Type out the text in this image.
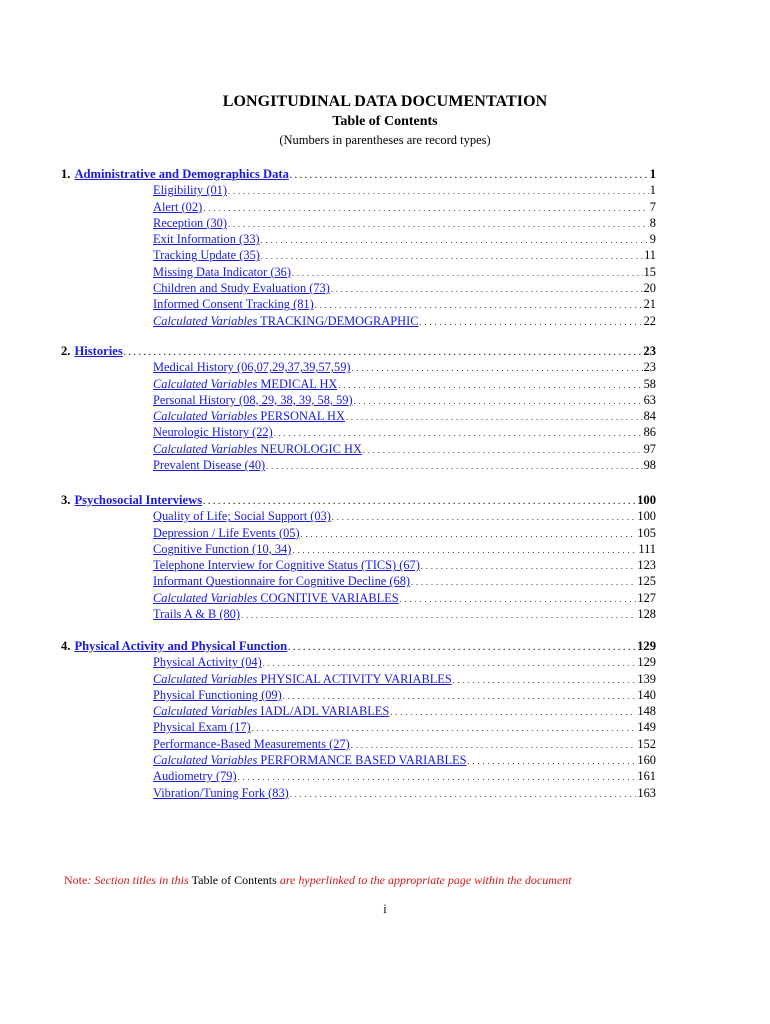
LONGITUDINAL DATA DOCUMENTATION
Table of Contents
(Numbers in parentheses are record types)
1. Administrative and Demographics Data . . .	1
Eligibility (01) . . .	1
Alert (02) . . .	7
Reception (30) . . .	8
Exit Information (33) . . .	9
Tracking Update (35) . . .	11
Missing Data Indicator (36) . . .	15
Children and Study Evaluation (73) . . .	20
Informed Consent Tracking (81) . . .	21
Calculated Variables TRACKING/DEMOGRAPHIC . . .	22
2. Histories . . .	23
Medical History (06,07,29,37,39,57,59) . . .	23
Calculated Variables MEDICAL HX . . .	58
Personal History (08, 29, 38, 39, 58, 59) . . .	63
Calculated Variables PERSONAL HX . . .	84
Neurologic History (22) . . .	86
Calculated Variables NEUROLOGIC HX . . .	97
Prevalent Disease (40) . . .	98
3. Psychosocial Interviews . . .	100
Quality of Life; Social Support (03) . . .	100
Depression / Life Events (05) . . .	105
Cognitive Function (10, 34) . . .	111
Telephone Interview for Cognitive Status (TICS) (67) . . .	123
Informant Questionnaire for Cognitive Decline (68) . . .	125
Calculated Variables COGNITIVE VARIABLES . . .	127
Trails A & B (80) . . .	128
4. Physical Activity and Physical Function . . .	129
Physical Activity (04) . . .	129
Calculated Variables PHYSICAL ACTIVITY VARIABLES . . .	139
Physical Functioning (09) . . .	140
Calculated Variables IADL/ADL VARIABLES . . .	148
Physical Exam (17) . . .	149
Performance-Based Measurements (27) . . .	152
Calculated Variables PERFORMANCE BASED VARIABLES . . .	160
Audiometry (79) . . .	161
Vibration/Tuning Fork (83) . . .	163
Note: Section titles in this Table of Contents are hyperlinked to the appropriate page within the document
i
